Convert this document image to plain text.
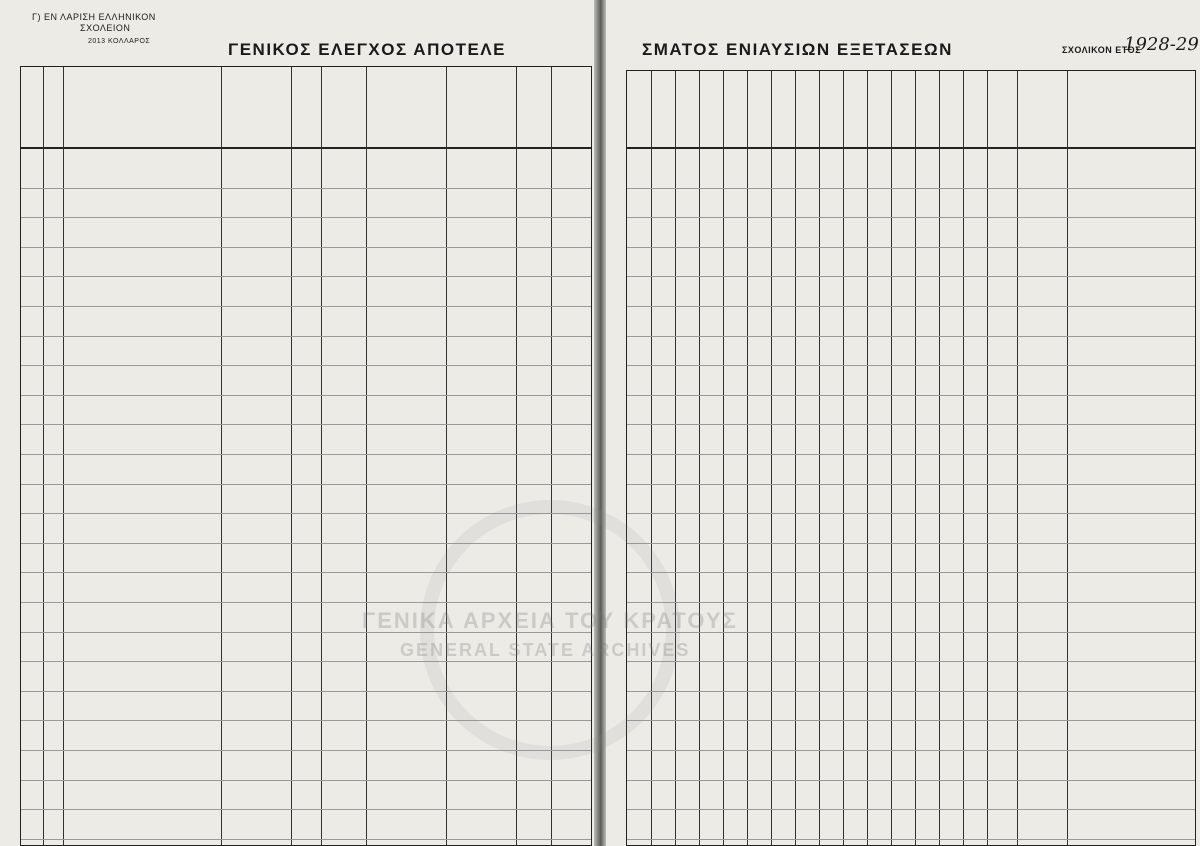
Γ) ΕΝ ΛΑΡΙΣΗ ΕΛΛΗΝΙΚΟΝ
ΣΧΟΛΕΙΟΝ
2013 ΚΟΛΛΑΡΟΣ	ΓΕΝΙΚΟΣ ΕΛΕΓΧΟΣ ΑΠΟΤΕΛΕ	ΣΜΑΤΟΣ ΕΝΙΑΥΣΙΩΝ ΕΞΕΤΑΣΕΩΝ	ΣΧΟΛΙΚΟΝ ΕΤΟΣ
1928-29
ΓΕΝΙΚΑ ΑΡΧΕΙΑ ΤΟΥ ΚΡΑΤΟΥΣ
GENERAL STATE ARCHIVES
